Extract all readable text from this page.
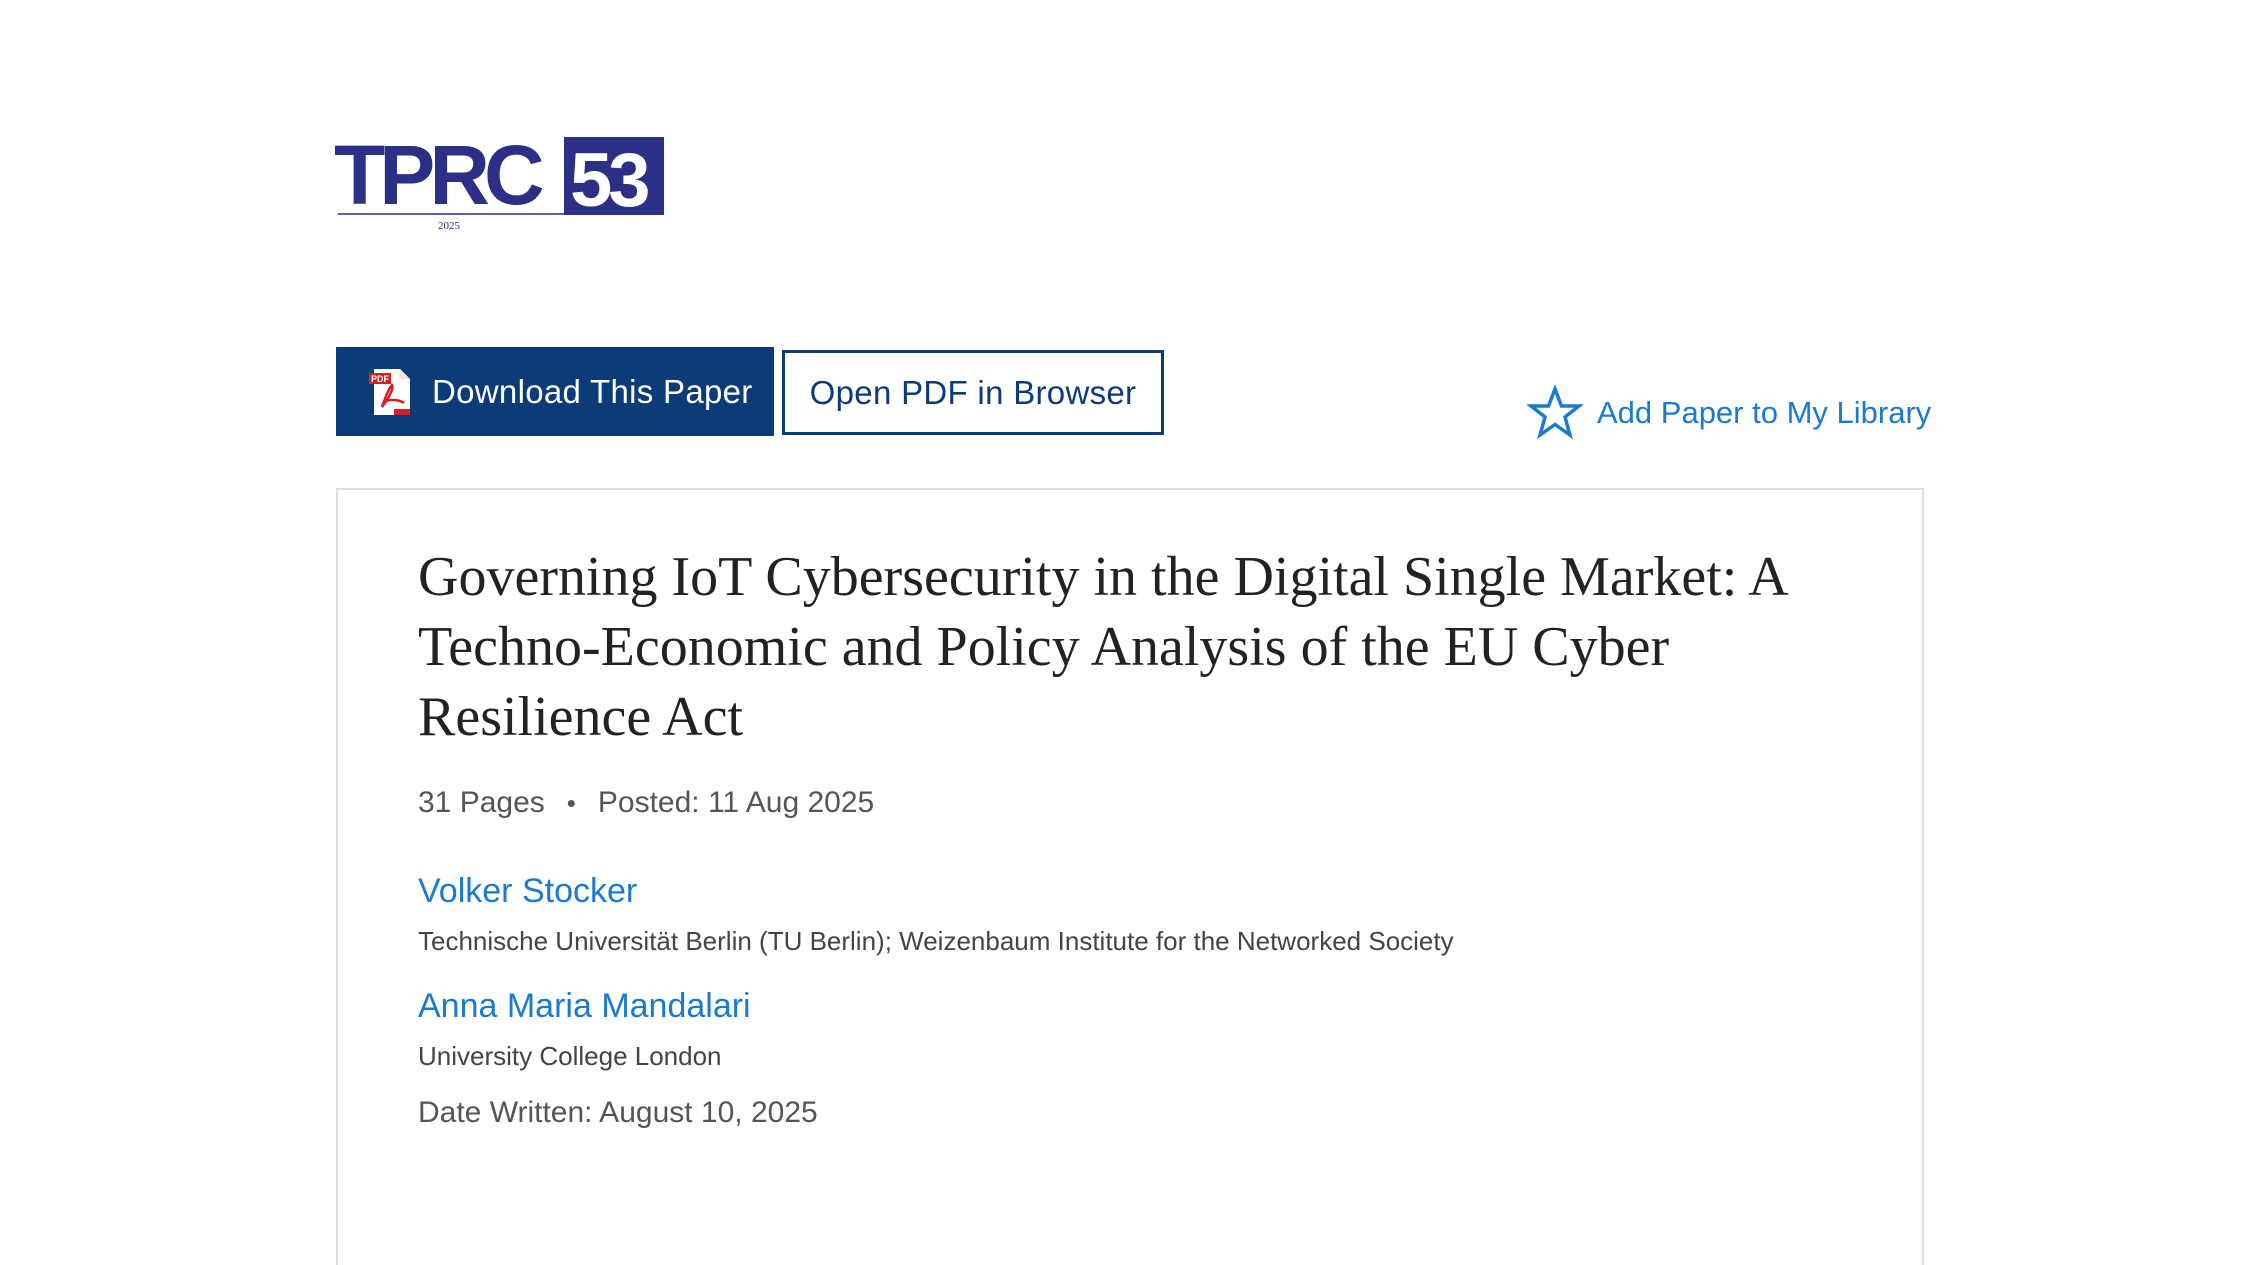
TPRC 53
2025
PDF Download This Paper Open PDF in Browser
Add Paper to My Library
Governing IoT Cybersecurity in the Digital Single Market: A Techno-Economic and Policy Analysis of the EU Cyber Resilience Act
31 Pages • Posted: 11 Aug 2025
Volker Stocker
Technische Universität Berlin (TU Berlin); Weizenbaum Institute for the Networked Society
Anna Maria Mandalari
University College London
Date Written: August 10, 2025
